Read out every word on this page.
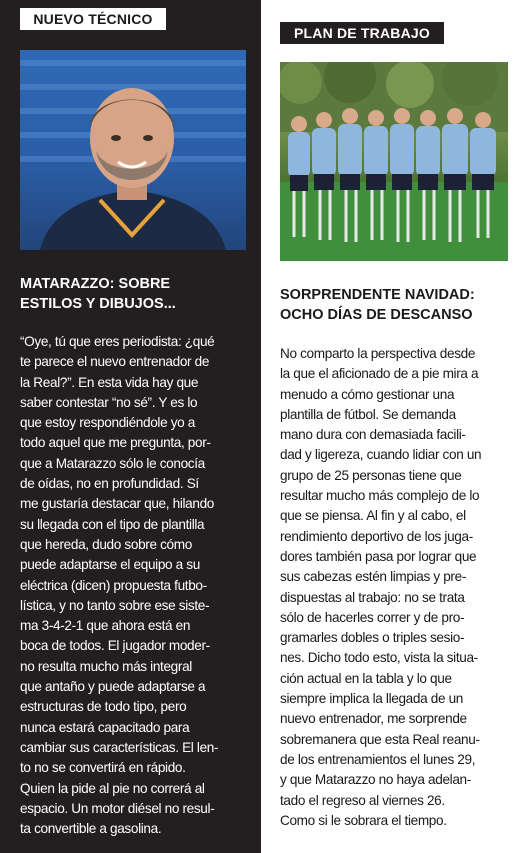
NUEVO TÉCNICO
MATARAZZO: SOBRE
ESTILOS Y DIBUJOS...

“Oye, tú que eres periodista: ¿qué
te parece el nuevo entrenador de
la Real?”. En esta vida hay que
saber contestar “no sé”. Y es lo
que estoy respondiéndole yo a
todo aquel que me pregunta, por-
que a Matarazzo sólo le conocía
de oídas, no en profundidad. Sí
me gustaría destacar que, hilando
su llegada con el tipo de plantilla
que hereda, dudo sobre cómo
puede adaptarse el equipo a su
eléctrica (dicen) propuesta futbo-
lística, y no tanto sobre ese siste-
ma 3-4-2-1 que ahora está en
boca de todos. El jugador moder-
no resulta mucho más integral
que antaño y puede adaptarse a
estructuras de todo tipo, pero
nunca estará capacitado para
cambiar sus características. El len-
to no se convertirá en rápido.
Quien la pide al pie no correrá al
espacio. Un motor diésel no resul-
ta convertible a gasolina.

PLAN DE TRABAJO
SORPRENDENTE NAVIDAD:
OCHO DÍAS DE DESCANSO

No comparto la perspectiva desde
la que el aficionado de a pie mira a
menudo a cómo gestionar una
plantilla de fútbol. Se demanda
mano dura con demasiada facili-
dad y ligereza, cuando lidiar con un
grupo de 25 personas tiene que
resultar mucho más complejo de lo
que se piensa. Al fin y al cabo, el
rendimiento deportivo de los juga-
dores también pasa por lograr que
sus cabezas estén limpias y pre-
dispuestas al trabajo: no se trata
sólo de hacerles correr y de pro-
gramarles dobles o triples sesio-
nes. Dicho todo esto, vista la situa-
ción actual en la tabla y lo que
siempre implica la llegada de un
nuevo entrenador, me sorprende
sobremanera que esta Real reanu-
de los entrenamientos el lunes 29,
y que Matarazzo no haya adelan-
tado el regreso al viernes 26.
Como si le sobrara el tiempo.
